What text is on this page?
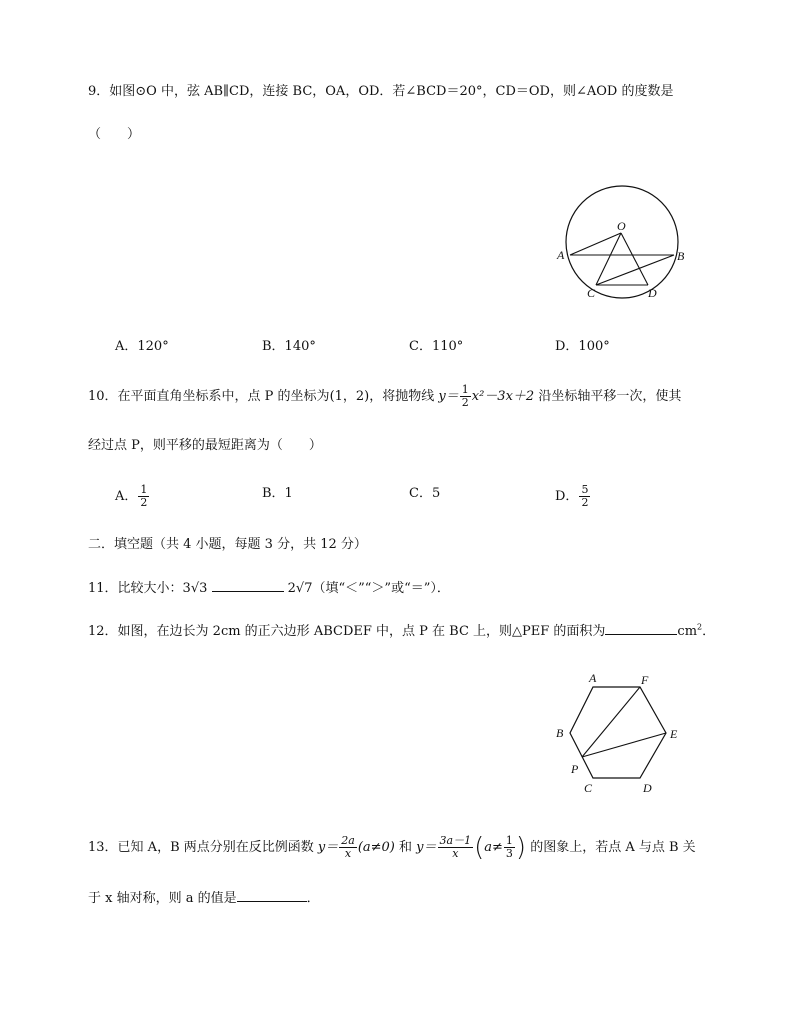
9．如图⊙O 中，弦 AB∥CD，连接 BC，OA，OD．若∠BCD＝20°，CD＝OD，则∠AOD 的度数是
（　　）
O
A	B
C	D
A．120°	B．140°	C．110°	D．100°
10．在平面直角坐标系中，点 P 的坐标为(1，2)，将抛物线 $y= \frac{1}{2} x^2-3x+2$ 沿坐标轴平移一次，使其
经过点 P，则平移的最短距离为（　　）
A． $\frac{1}{2}$	B．1	C．5	D． $\frac{5}{2}$
二．填空题（共 4 小题，每题 3 分，共 12 分）
11．比较大小：3√3	2√7（填“＜”“＞”或“＝”）．
12．如图，在边长为 2cm 的正六边形 ABCDEF 中，点 P 在 BC 上，则△PEF 的面积为	$cm^2$．
A	F
B	E
P
C	D
13．已知 A，B 两点分别在反比例函数 $y= \frac{2a}{x} (a\ne 0)$ 和 $y= \frac{3a-1}{x} (a\ne \frac{1}{3}$ ) 的图象上，若点 A 与点 B 关
于 x 轴对称，则 a 的值是	．
